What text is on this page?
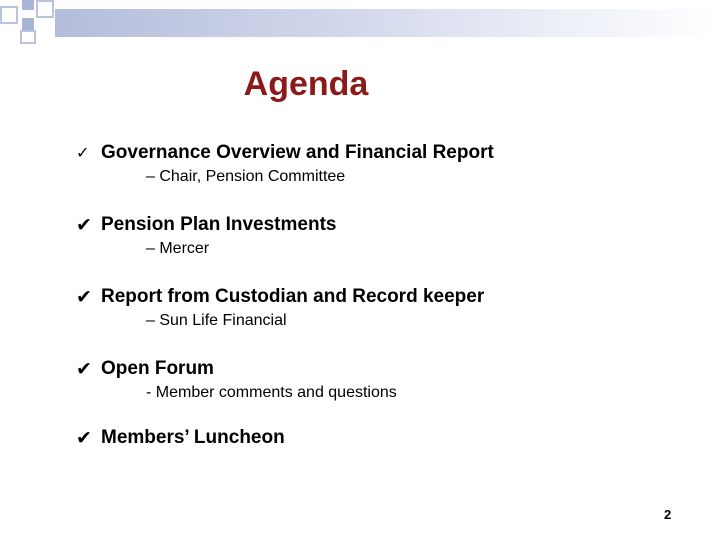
Agenda
✓ Governance Overview and Financial Report
– Chair, Pension Committee
✔ Pension Plan Investments
– Mercer
✔ Report from Custodian and Record keeper
– Sun Life Financial
✔ Open Forum
- Member comments and questions
✔ Members’ Luncheon
2
